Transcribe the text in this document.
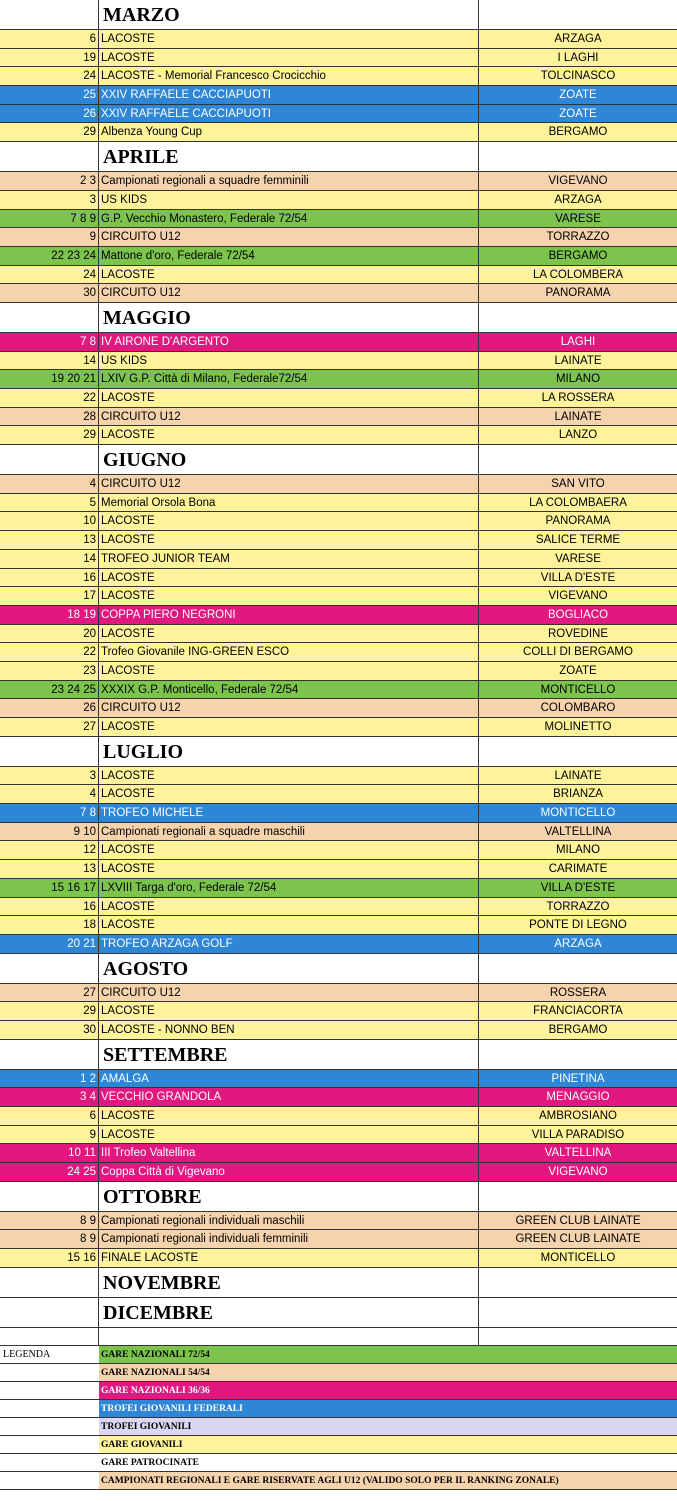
MARZO
6 LACOSTE	ARZAGA
19 LACOSTE	I LAGHI
24 LACOSTE - Memorial Francesco Crocicchio	TOLCINASCO
25 XXIV RAFFAELE CACCIAPUOTI	ZOATE
26 XXIV RAFFAELE CACCIAPUOTI	ZOATE
29 Albenza Young Cup	BERGAMO
APRILE
2 3 Campionati regionali a squadre femminili	VIGEVANO
3 US KIDS	ARZAGA
7 8 9 G.P. Vecchio Monastero, Federale 72/54	VARESE
9 CIRCUITO U12	TORRAZZO
22 23 24 Mattone d'oro, Federale 72/54	BERGAMO
24 LACOSTE	LA COLOMBERA
30 CIRCUITO U12	PANORAMA
MAGGIO
7 8 IV AIRONE D'ARGENTO	LAGHI
14 US KIDS	LAINATE
19 20 21 LXIV G.P. Città di Milano, Federale72/54	MILANO
22 LACOSTE	LA ROSSERA
28 CIRCUITO U12	LAINATE
29 LACOSTE	LANZO
GIUGNO
4 CIRCUITO U12	SAN VITO
5 Memorial Orsola Bona	LA COLOMBAERA
10 LACOSTE	PANORAMA
13 LACOSTE	SALICE TERME
14 TROFEO JUNIOR TEAM	VARESE
16 LACOSTE	VILLA D'ESTE
17 LACOSTE	VIGEVANO
18 19 COPPA PIERO NEGRONI	BOGLIACO
20 LACOSTE	ROVEDINE
22 Trofeo Giovanile ING-GREEN ESCO	COLLI DI BERGAMO
23 LACOSTE	ZOATE
23 24 25 XXXIX G.P. Monticello, Federale 72/54	MONTICELLO
26 CIRCUITO U12	COLOMBARO
27 LACOSTE	MOLINETTO
LUGLIO
3 LACOSTE	LAINATE
4 LACOSTE	BRIANZA
7 8 TROFEO MICHELE	MONTICELLO
9 10 Campionati regionali a squadre maschili	VALTELLINA
12 LACOSTE	MILANO
13 LACOSTE	CARIMATE
15 16 17 LXVIII Targa d'oro, Federale 72/54	VILLA D'ESTE
16 LACOSTE	TORRAZZO
18 LACOSTE	PONTE DI LEGNO
20 21 TROFEO ARZAGA GOLF	ARZAGA
AGOSTO
27 CIRCUITO U12	ROSSERA
29 LACOSTE	FRANCIACORTA
30 LACOSTE - NONNO BEN	BERGAMO
SETTEMBRE
1 2 AMALGA	PINETINA
3 4 VECCHIO GRANDOLA	MENAGGIO
6 LACOSTE	AMBROSIANO
9 LACOSTE	VILLA PARADISO
10 11 III Trofeo Valtellina	VALTELLINA
24 25 Coppa Città di Vigevano	VIGEVANO
OTTOBRE
8 9 Campionati regionali individuali maschili	GREEN CLUB LAINATE
8 9 Campionati regionali individuali femminili	GREEN CLUB LAINATE
15 16 FINALE LACOSTE	MONTICELLO
NOVEMBRE
DICEMBRE
LEGENDA	GARE NAZIONALI 72/54
GARE NAZIONALI 54/54
GARE NAZIONALI 36/36
TROFEI GIOVANILI FEDERALI
TROFEI GIOVANILI
GARE GIOVANILI
GARE PATROCINATE
CAMPIONATI REGIONALI E GARE RISERVATE AGLI U12 (VALIDO SOLO PER IL RANKING ZONALE)
